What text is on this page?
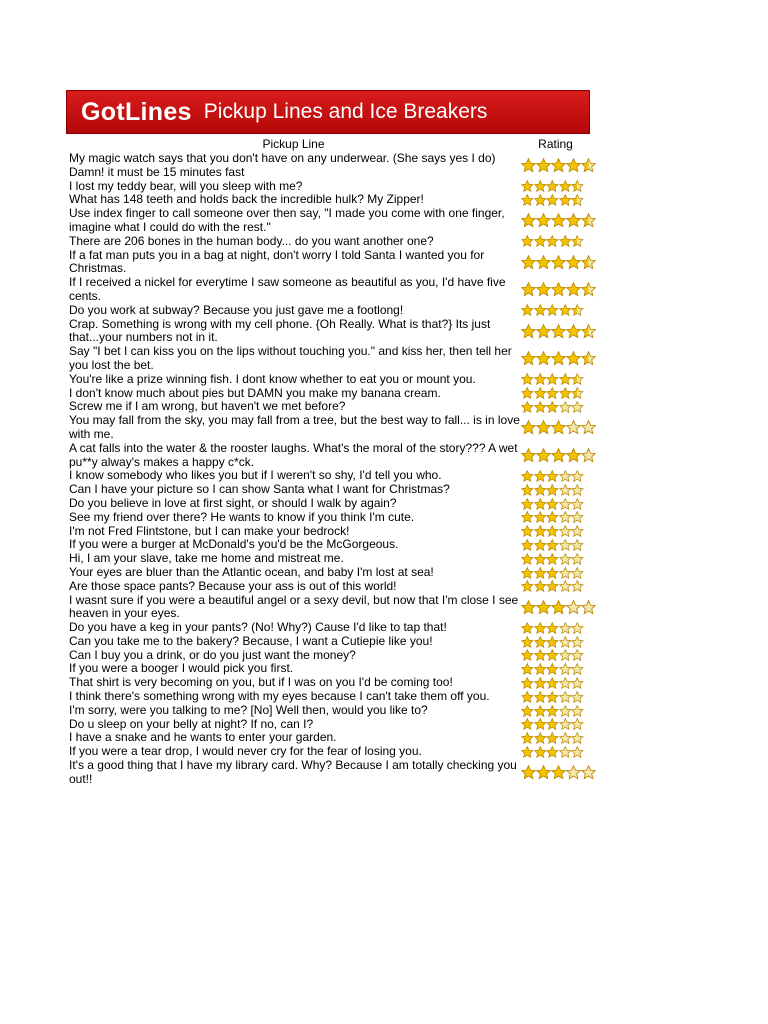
GotLines Pickup Lines and Ice Breakers
Pickup Line	Rating
My magic watch says that you don't have on any underwear. (She says yes I do) Damn! it must be 15 minutes fast
I lost my teddy bear, will you sleep with me?
What has 148 teeth and holds back the incredible hulk? My Zipper!
Use index finger to call someone over then say, "I made you come with one finger, imagine what I could do with the rest."
There are 206 bones in the human body... do you want another one?
If a fat man puts you in a bag at night, don't worry I told Santa I wanted you for Christmas.
If I received a nickel for everytime I saw someone as beautiful as you, I'd have five cents.
Do you work at subway? Because you just gave me a footlong!
Crap. Something is wrong with my cell phone. {Oh Really. What is that?} Its just that...your numbers not in it.
Say "I bet I can kiss you on the lips without touching you." and kiss her, then tell her you lost the bet.
You're like a prize winning fish. I dont know whether to eat you or mount you.
I don't know much about pies but DAMN you make my banana cream.
Screw me if I am wrong, but haven't we met before?
You may fall from the sky, you may fall from a tree, but the best way to fall... is in love with me.
A cat falls into the water & the rooster laughs. What's the moral of the story??? A wet pu**y alway's makes a happy c*ck.
I know somebody who likes you but if I weren't so shy, I'd tell you who.
Can I have your picture so I can show Santa what I want for Christmas?
Do you believe in love at first sight, or should I walk by again?
See my friend over there? He wants to know if you think I'm cute.
I'm not Fred Flintstone, but I can make your bedrock!
If you were a burger at McDonald's you'd be the McGorgeous.
Hi, I am your slave, take me home and mistreat me.
Your eyes are bluer than the Atlantic ocean, and baby I'm lost at sea!
Are those space pants? Because your ass is out of this world!
I wasnt sure if you were a beautiful angel or a sexy devil, but now that I'm close I see heaven in your eyes.
Do you have a keg in your pants? (No! Why?) Cause I'd like to tap that!
Can you take me to the bakery? Because, I want a Cutiepie like you!
Can I buy you a drink, or do you just want the money?
If you were a booger I would pick you first.
That shirt is very becoming on you, but if I was on you I'd be coming too!
I think there's something wrong with my eyes because I can't take them off you.
I'm sorry, were you talking to me? [No] Well then, would you like to?
Do u sleep on your belly at night? If no, can I?
I have a snake and he wants to enter your garden.
If you were a tear drop, I would never cry for the fear of losing you.
It's a good thing that I have my library card. Why? Because I am totally checking you out!!
